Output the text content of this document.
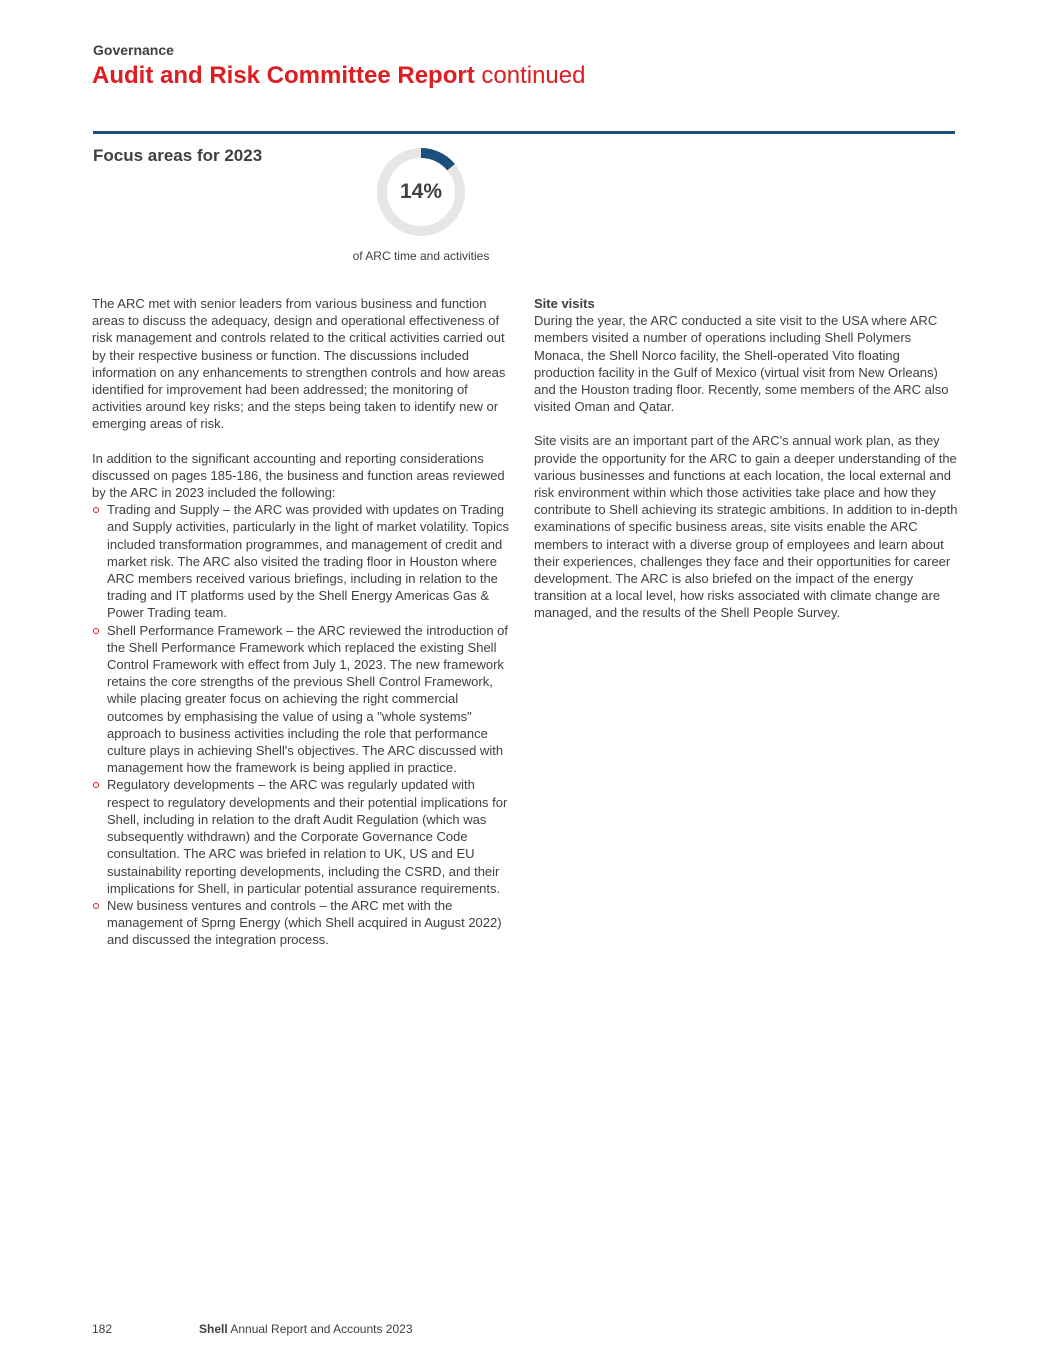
Governance
Audit and Risk Committee Report continued
Focus areas for 2023
14%
of ARC time and activities

The ARC met with senior leaders from various business and function areas to discuss the adequacy, design and operational effectiveness of risk management and controls related to the critical activities carried out by their respective business or function. The discussions included information on any enhancements to strengthen controls and how areas identified for improvement had been addressed; the monitoring of activities around key risks; and the steps being taken to identify new or emerging areas of risk.

In addition to the significant accounting and reporting considerations discussed on pages 185-186, the business and function areas reviewed by the ARC in 2023 included the following:

Trading and Supply – the ARC was provided with updates on Trading and Supply activities, particularly in the light of market volatility. Topics included transformation programmes, and management of credit and market risk. The ARC also visited the trading floor in Houston where ARC members received various briefings, including in relation to the trading and IT platforms used by the Shell Energy Americas Gas & Power Trading team.
Shell Performance Framework – the ARC reviewed the introduction of the Shell Performance Framework which replaced the existing Shell Control Framework with effect from July 1, 2023. The new framework retains the core strengths of the previous Shell Control Framework, while placing greater focus on achieving the right commercial outcomes by emphasising the value of using a "whole systems" approach to business activities including the role that performance culture plays in achieving Shell's objectives. The ARC discussed with management how the framework is being applied in practice.
Regulatory developments – the ARC was regularly updated with respect to regulatory developments and their potential implications for Shell, including in relation to the draft Audit Regulation (which was subsequently withdrawn) and the Corporate Governance Code consultation. The ARC was briefed in relation to UK, US and EU sustainability reporting developments, including the CSRD, and their implications for Shell, in particular potential assurance requirements.
New business ventures and controls – the ARC met with the management of Sprng Energy (which Shell acquired in August 2022) and discussed the integration process.
Site visits

During the year, the ARC conducted a site visit to the USA where ARC members visited a number of operations including Shell Polymers Monaca, the Shell Norco facility, the Shell-operated Vito floating production facility in the Gulf of Mexico (virtual visit from New Orleans) and the Houston trading floor. Recently, some members of the ARC also visited Oman and Qatar.

Site visits are an important part of the ARC's annual work plan, as they provide the opportunity for the ARC to gain a deeper understanding of the various businesses and functions at each location, the local external and risk environment within which those activities take place and how they contribute to Shell achieving its strategic ambitions. In addition to in-depth examinations of specific business areas, site visits enable the ARC members to interact with a diverse group of employees and learn about their experiences, challenges they face and their opportunities for career development. The ARC is also briefed on the impact of the energy transition at a local level, how risks associated with climate change are managed, and the results of the Shell People Survey.

182	Shell Annual Report and Accounts 2023
